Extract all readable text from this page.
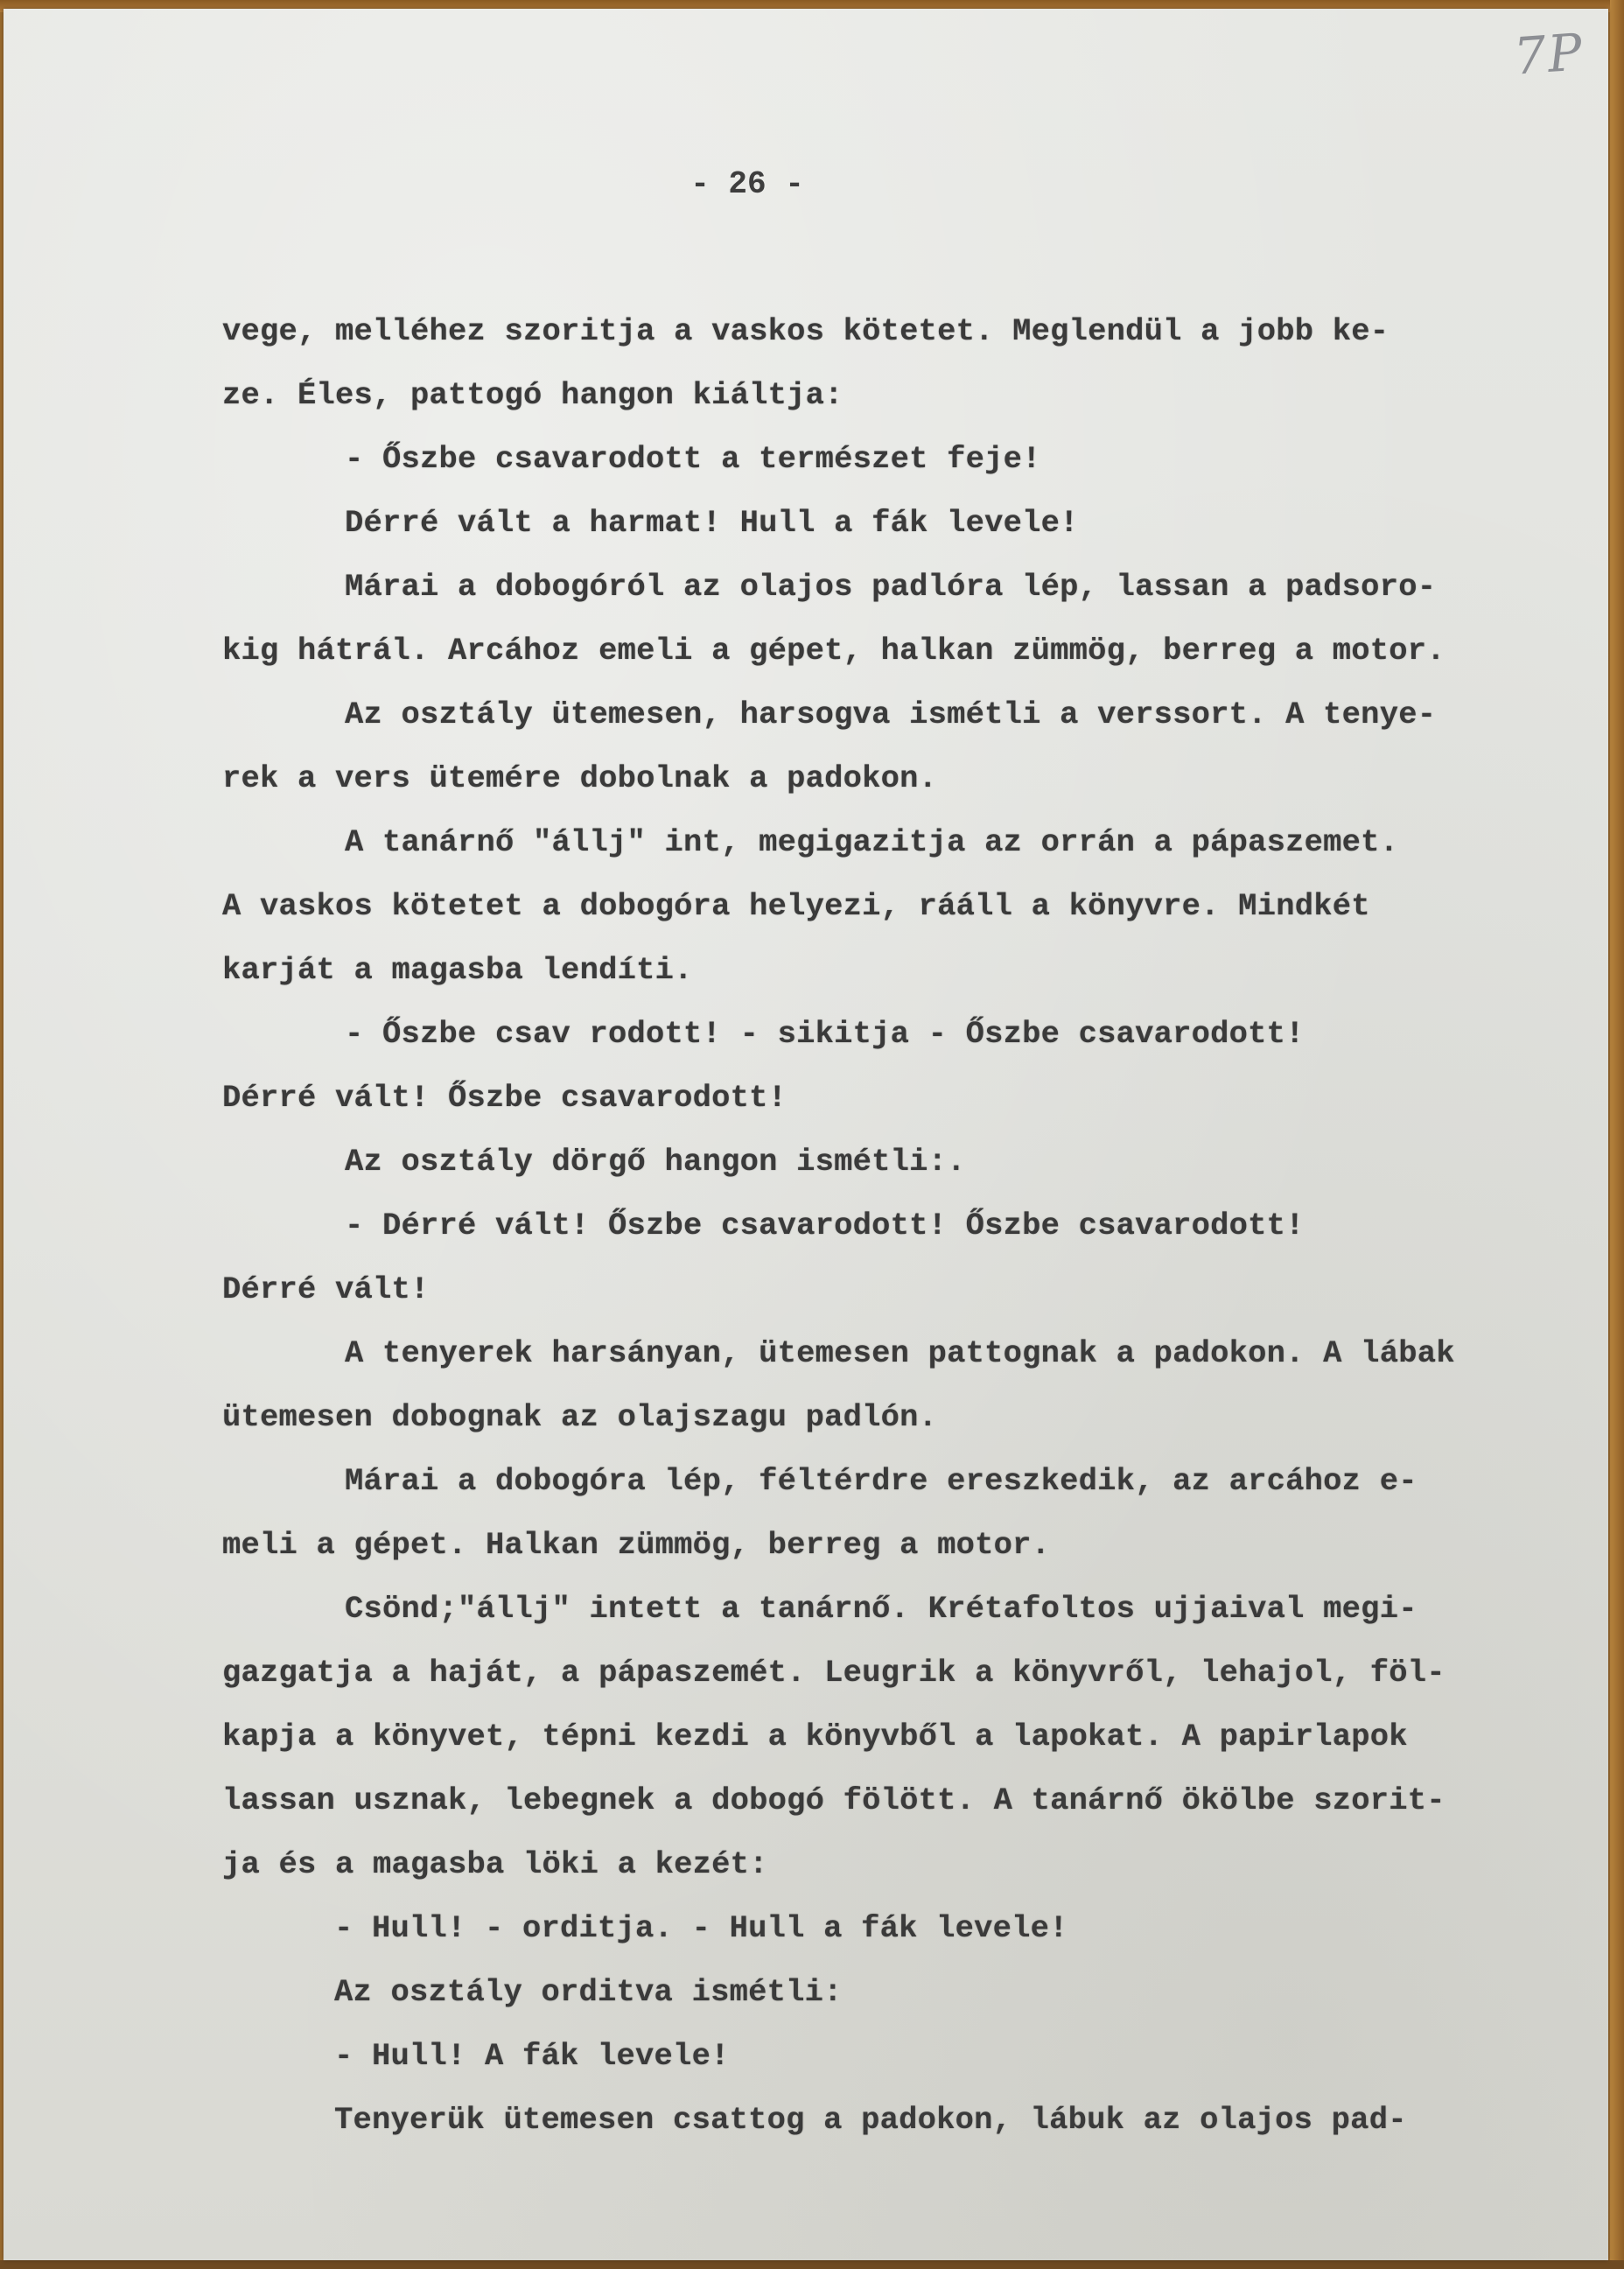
7P
- 26 -
vege, melléhez szoritja a vaskos kötetet. Meglendül a jobb ke-
ze. Éles, pattogó hangon kiáltja:
- Őszbe csavarodott a természet feje!
Dérré vált a harmat! Hull a fák levele!
Márai a dobogóról az olajos padlóra lép, lassan a padsoro-
kig hátrál. Arcához emeli a gépet, halkan zümmög, berreg a motor.
Az osztály ütemesen, harsogva ismétli a verssort. A tenye-
rek a vers ütemére dobolnak a padokon.
A tanárnő "állj" int, megigazitja az orrán a pápaszemet.
A vaskos kötetet a dobogóra helyezi, rááll a könyvre. Mindkét
karját a magasba lendíti.
- Őszbe csav rodott! - sikitja - Őszbe csavarodott!
Dérré vált! Őszbe csavarodott!
Az osztály dörgő hangon ismétli:.
- Dérré vált! Őszbe csavarodott! Őszbe csavarodott!
Dérré vált!
A tenyerek harsányan, ütemesen pattognak a padokon. A lábak
ütemesen dobognak az olajszagu padlón.
Márai a dobogóra lép, féltérdre ereszkedik, az arcához e-
meli a gépet. Halkan zümmög, berreg a motor.
Csönd;"állj" intett a tanárnő. Krétafoltos ujjaival megi-
gazgatja a haját, a pápaszemét. Leugrik a könyvről, lehajol, föl-
kapja a könyvet, tépni kezdi a könyvből a lapokat. A papirlapok
lassan usznak, lebegnek a dobogó fölött. A tanárnő ökölbe szorit-
ja és a magasba löki a kezét:
- Hull! - orditja. - Hull a fák levele!
Az osztály orditva ismétli:
- Hull! A fák levele!
Tenyerük ütemesen csattog a padokon, lábuk az olajos pad-
